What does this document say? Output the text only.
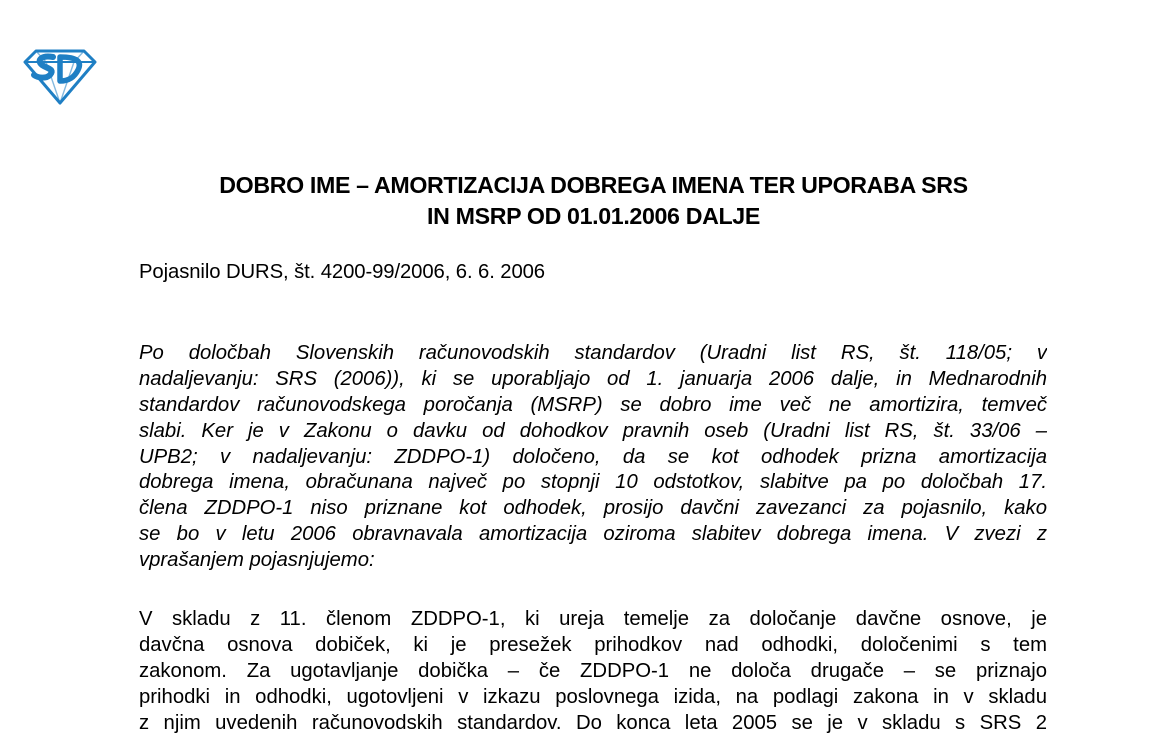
DOBRO IME – AMORTIZACIJA DOBREGA IMENA TER UPORABA SRS
IN MSRP OD 01.01.2006 DALJE

Pojasnilo DURS, št. 4200-99/2006, 6. 6. 2006

Po določbah Slovenskih računovodskih standardov (Uradni list RS, št. 118/05; v
nadaljevanju: SRS (2006)), ki se uporabljajo od 1. januarja 2006 dalje, in Mednarodnih
standardov računovodskega poročanja (MSRP) se dobro ime več ne amortizira, temveč
slabi. Ker je v Zakonu o davku od dohodkov pravnih oseb (Uradni list RS, št. 33/06 –
UPB2; v nadaljevanju: ZDDPO-1) določeno, da se kot odhodek prizna amortizacija
dobrega imena, obračunana največ po stopnji 10 odstotkov, slabitve pa po določbah 17.
člena ZDDPO-1 niso priznane kot odhodek, prosijo davčni zavezanci za pojasnilo, kako
se bo v letu 2006 obravnavala amortizacija oziroma slabitev dobrega imena. V zvezi z
vprašanjem pojasnjujemo:
V skladu z 11. členom ZDDPO-1, ki ureja temelje za določanje davčne osnove, je
davčna osnova dobiček, ki je presežek prihodkov nad odhodki, določenimi s tem
zakonom. Za ugotavljanje dobička – če ZDDPO-1 ne določa drugače – se priznajo
prihodki in odhodki, ugotovljeni v izkazu poslovnega izida, na podlagi zakona in v skladu
z njim uvedenih računovodskih standardov. Do konca leta 2005 se je v skladu s SRS 2
